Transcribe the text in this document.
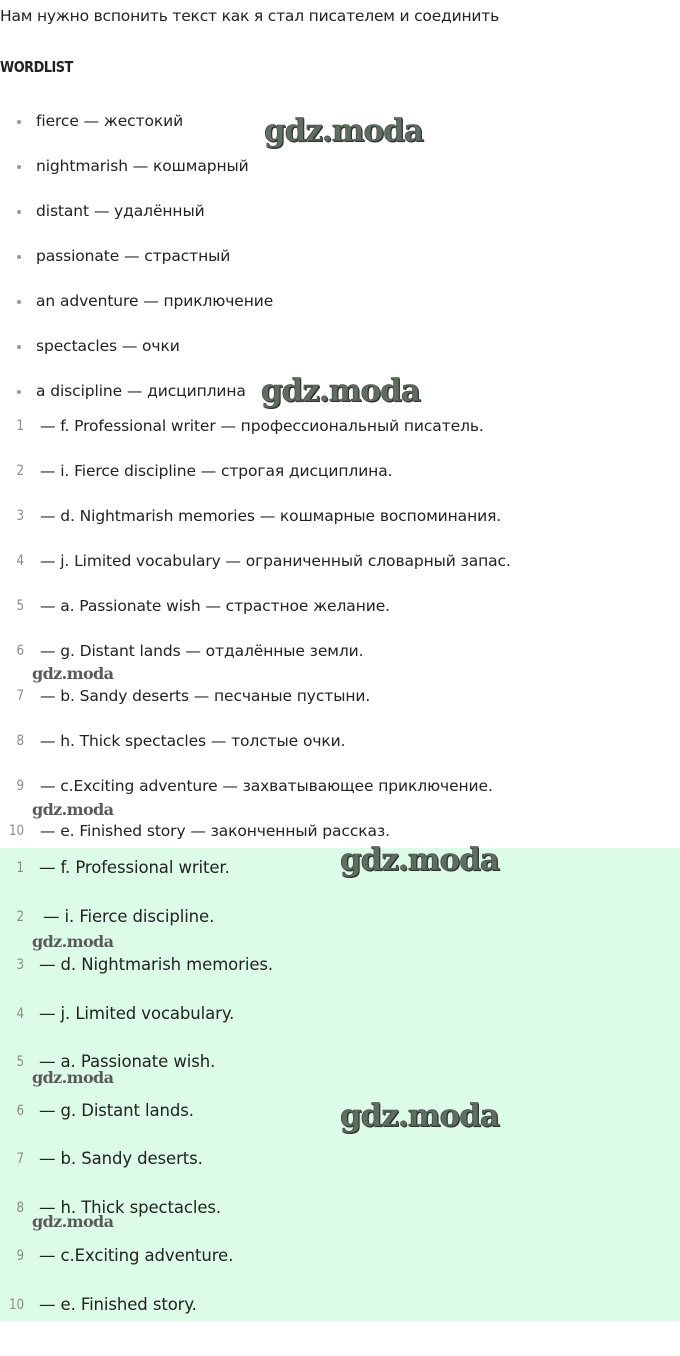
Нам нужно вспонить текст как я стал писателем и соединить
WORDLIST
fierce — жестокий
nightmarish — кошмарный
distant — удалённый
passionate — страстный
an adventure — приключение
spectacles — очки
a discipline — дисциплина
1 — f. Professional writer — профессиональный писатель.
2 — i. Fierce discipline — строгая дисциплина.
3 — d. Nightmarish memories — кошмарные воспоминания.
4 — j. Limited vocabulary — ограниченный словарный запас.
5 — a. Passionate wish — страстное желание.
6 — g. Distant lands — отдалённые земли.
7 — b. Sandy deserts — песчаные пустыни.
8 — h. Thick spectacles — толстые очки.
9 — c.Exciting adventure — захватывающее приключение.
10 — e. Finished story — законченный рассказ.
1 — f. Professional writer.
2 — i. Fierce discipline.
3 — d. Nightmarish memories.
4 — j. Limited vocabulary.
5 — a. Passionate wish.
6 — g. Distant lands.
7 — b. Sandy deserts.
8 — h. Thick spectacles.
9 — c.Exciting adventure.
10 — e. Finished story.
gdz.moda
gdz.moda
gdz.moda
gdz.moda
gdz.moda
gdz.moda
gdz.moda
gdz.moda
gdz.moda
